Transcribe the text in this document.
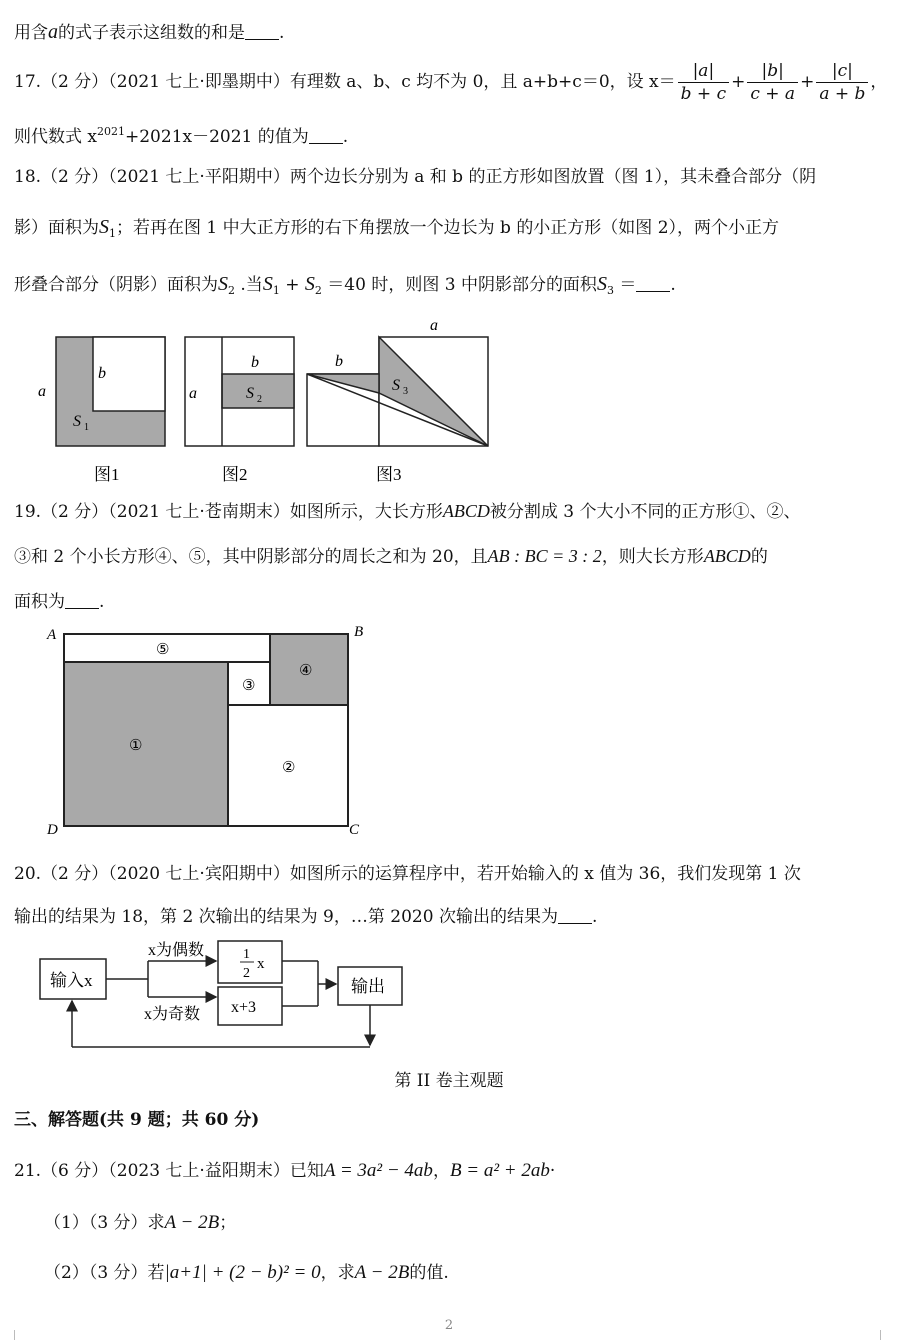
用含a的式子表示这组数的和是 .
17.（2 分）（2021 七上·即墨期中）有理数 a、b、c 均不为 0，且 a+b+c＝0，设 $x= \frac{|a|}{b + c} + \frac{|b|}{c + a} + \frac{|c|}{a + b}$ ，
则代数式 $x^{2021}+2021x-2021$ 的值为 .
18.（2 分）（2021 七上·平阳期中）两个边长分别为 a 和 b 的正方形如图放置（图 1），其未叠合部分（阴
影）面积为$S_1$；若再在图 1 中大正方形的右下角摆放一个边长为 b 的小正方形（如图 2），两个小正方
形叠合部分（阴影）面积为$S_2$ .当$S_1 + S_2 =40$ 时，则图 3 中阴影部分的面积$S_3$ ＝ .
a
b
S 1
图1
a
b
S 2
图2
b
a
S 3
图3
19.（2 分）（2021 七上·苍南期末）如图所示，大长方形ABCD被分割成 3 个大小不同的正方形①、②、
③和 2 个小长方形④、⑤，其中阴影部分的周长之和为 20，且AB : BC = 3 : 2，则大长方形ABCD的
面积为 .
A	B
C
D
①
②
③
④
⑤
20.（2 分）（2020 七上·宾阳期中）如图所示的运算程序中，若开始输入的 x 值为 36，我们发现第 1 次
输出的结果为 18，第 2 次输出的结果为 9，…第 2020 次输出的结果为 .
输入x
x为偶数
x为奇数
1
2
x
x+3
输出
第 II 卷主观题
三、解答题(共 9 题；共 60 分)
21.（6 分）（2023 七上·益阳期末）已知A = 3a² − 4ab，B = a² + 2ab·
（1）（3 分）求A − 2B；
（2）（3 分）若|a+1| + (2 − b)² = 0，求A − 2B的值.
2
